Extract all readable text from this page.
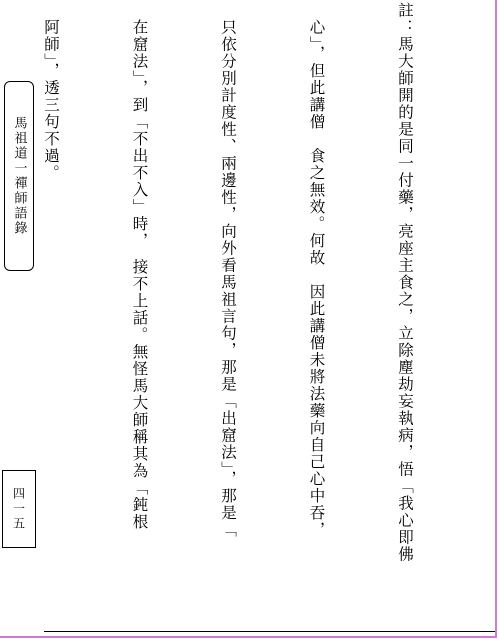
註：馬大師開的是同一付藥，亮座主食之，立除塵劫妄執病，悟「我心即佛

　心」，但此講僧　食之無效。何故　因此講僧未將法藥向自己心中吞，

　只依分別計度性、兩邊性，向外看馬祖言句，那是「出窟法」，那是「

　在窟法」，到「不出不入」時，　接不上話。無怪馬大師稱其為「鈍根

　阿師」，透三句不過。

馬祖道一禪師語錄
四一五
